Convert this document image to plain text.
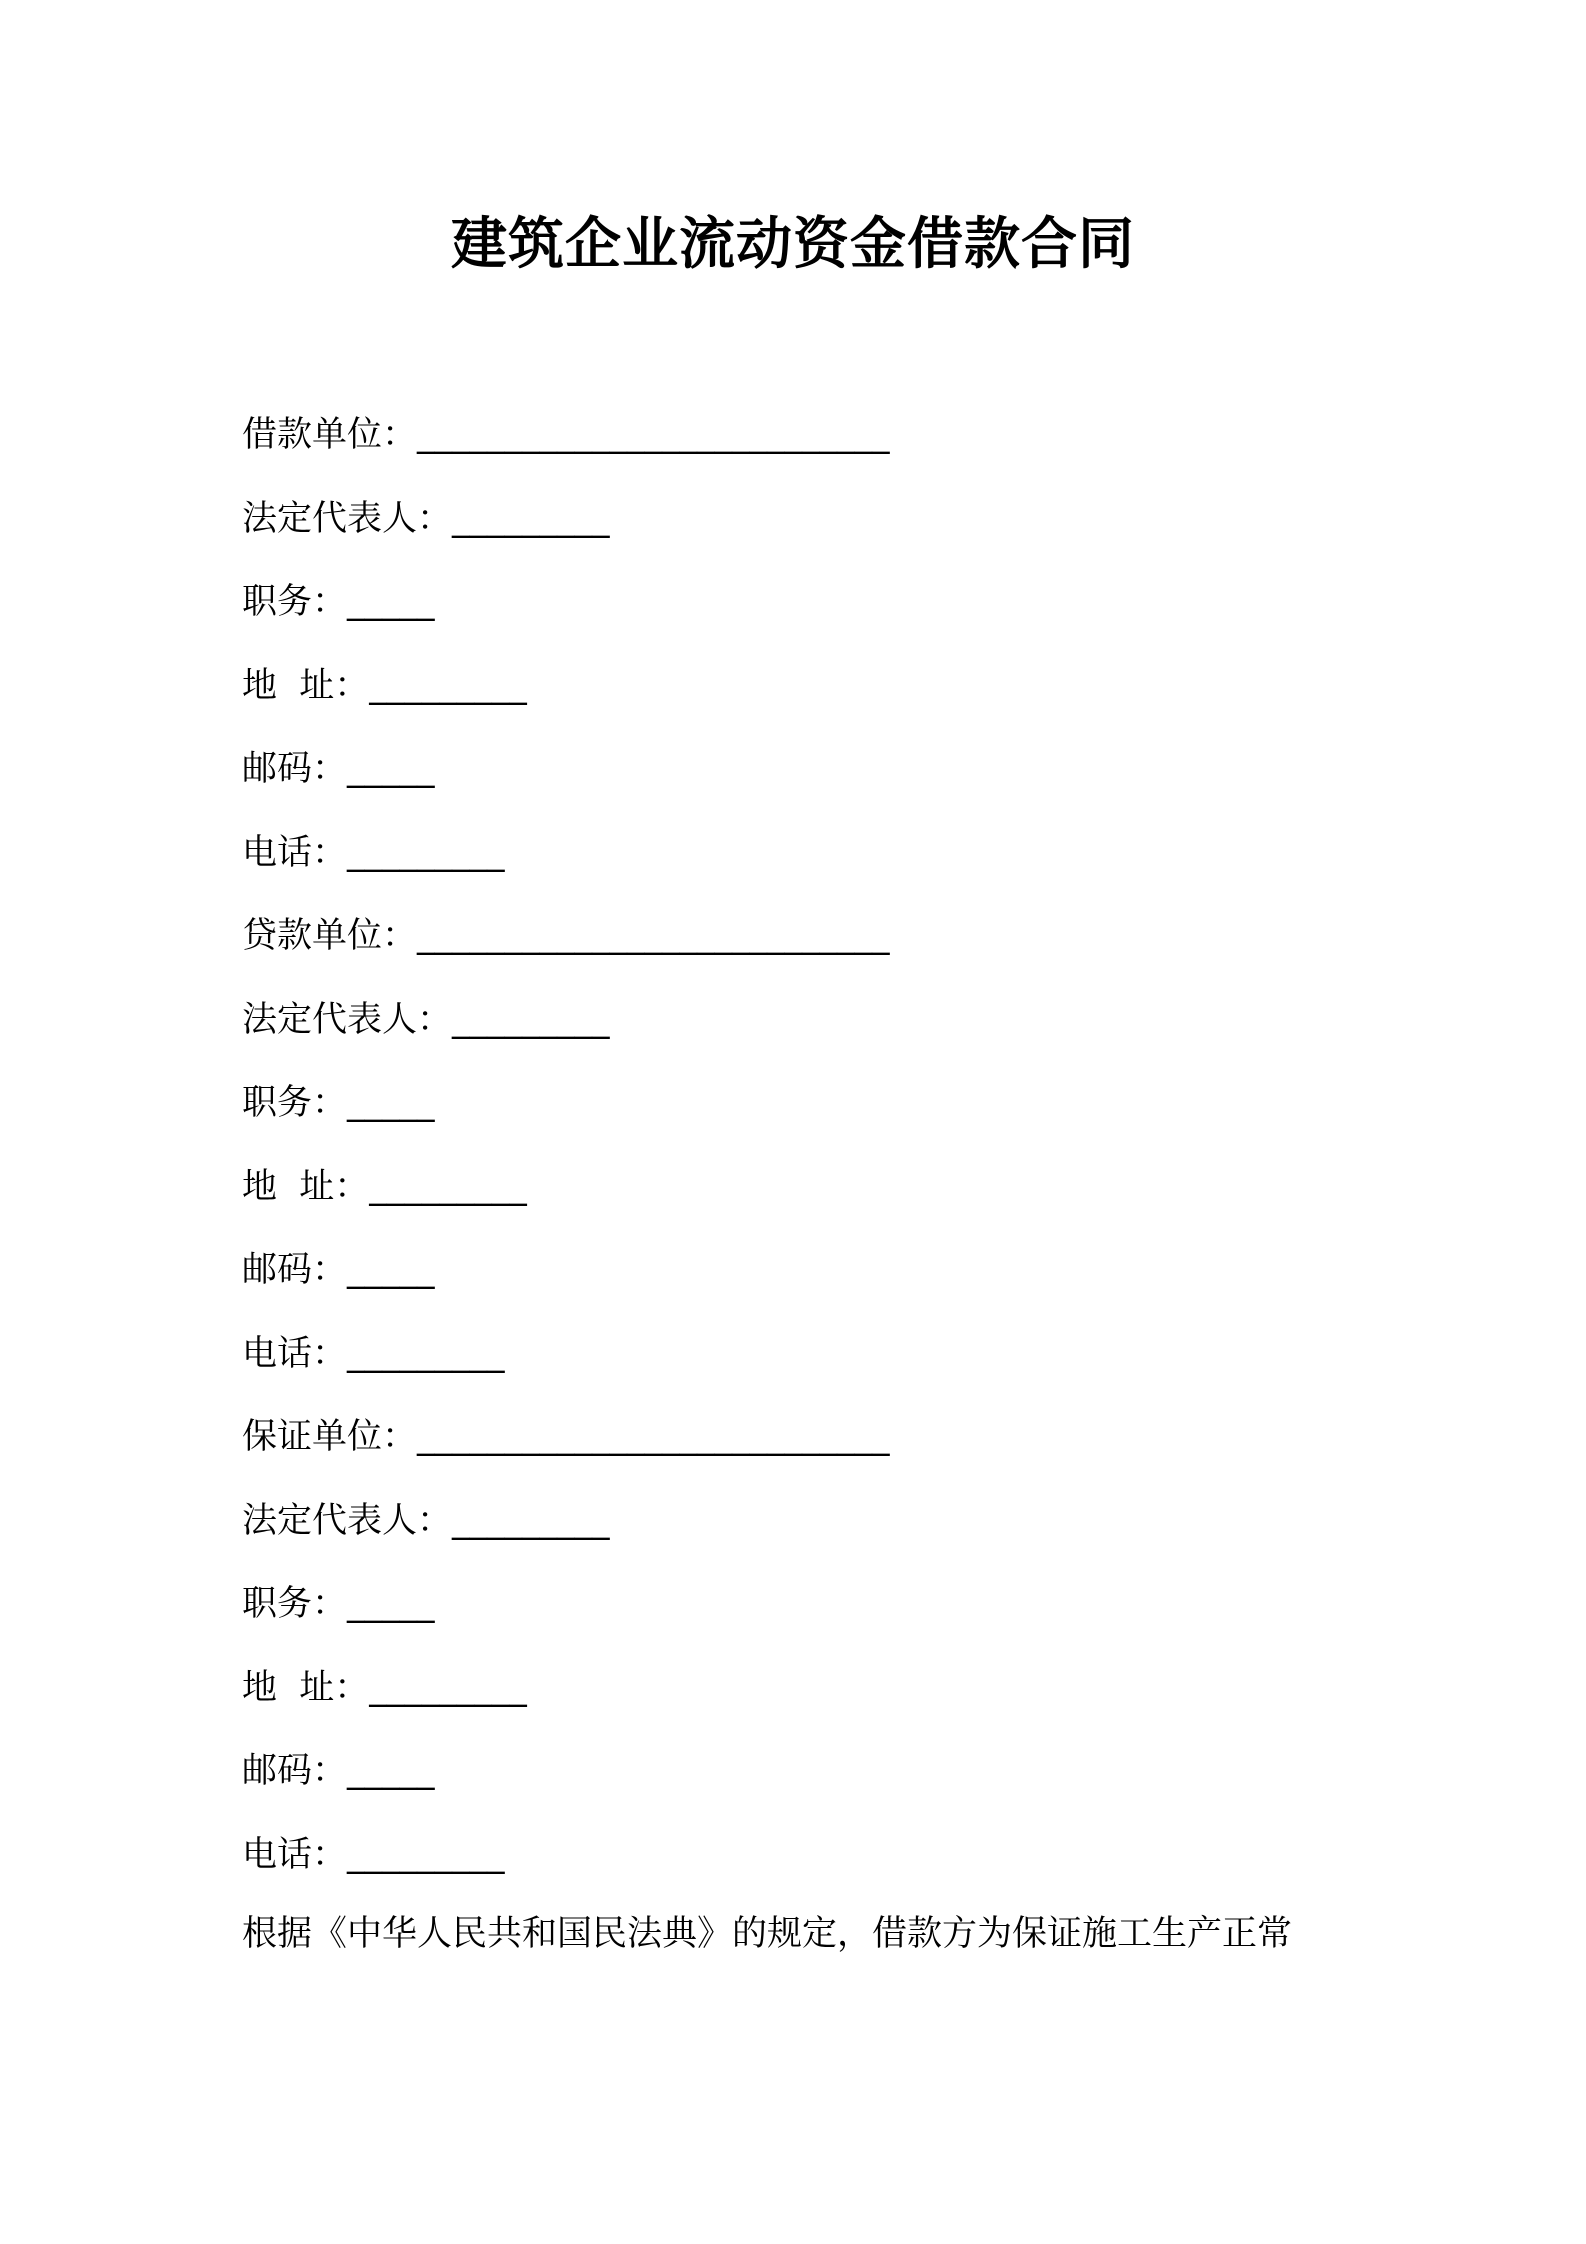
建筑企业流动资金借款合同
借款单位：___________________________
法定代表人：_________
职务：_____
地  址：_________
邮码：_____
电话：_________
贷款单位：___________________________
法定代表人：_________
职务：_____
地  址：_________
邮码：_____
电话：_________
保证单位：___________________________
法定代表人：_________
职务：_____
地  址：_________
邮码：_____
电话：_________
根据《中华人民共和国民法典》的规定，借款方为保证施工生产正常
